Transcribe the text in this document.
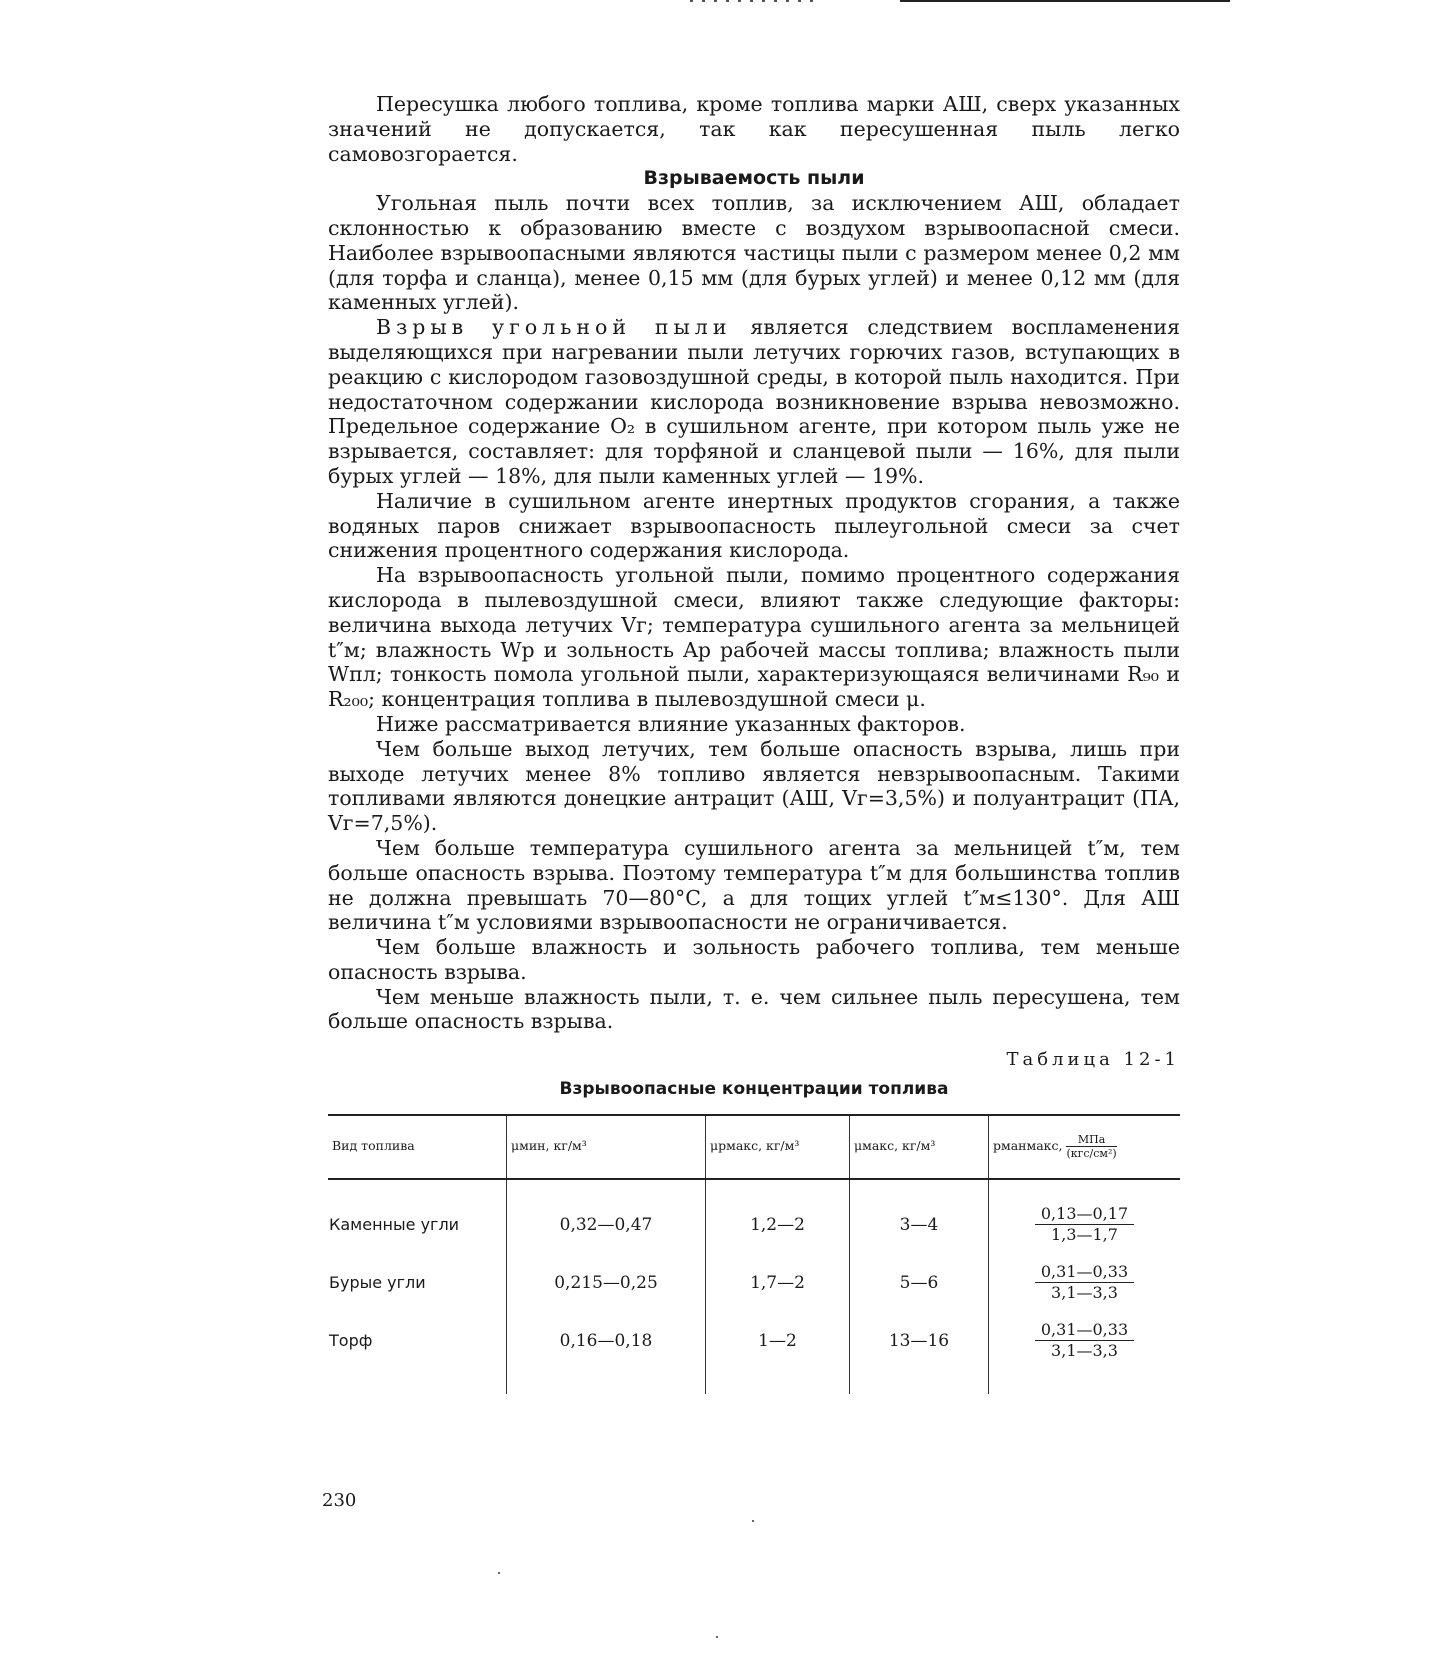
Пересушка любого топлива, кроме топлива марки АШ, сверх указанных значений не допускается, так как пересушенная пыль легко самовозгорается.

Взрываемость пыли

Угольная пыль почти всех топлив, за исключением АШ, обладает склонностью к образованию вместе с воздухом взрывоопасной смеси. Наиболее взрывоопасными являются частицы пыли с размером менее 0,2 мм (для торфа и сланца), менее 0,15 мм (для бурых углей) и менее 0,12 мм (для каменных углей).

Взрыв угольной пыли является следствием воспламенения выделяющихся при нагревании пыли летучих горючих газов, вступающих в реакцию с кислородом газовоздушной среды, в которой пыль находится. При недостаточном содержании кислорода возникновение взрыва невозможно. Предельное содержание O₂ в сушильном агенте, при котором пыль уже не взрывается, составляет: для торфяной и сланцевой пыли — 16%, для пыли бурых углей — 18%, для пыли каменных углей — 19%.

Наличие в сушильном агенте инертных продуктов сгорания, а также водяных паров снижает взрывоопасность пылеугольной смеси за счет снижения процентного содержания кислорода.

На взрывоопасность угольной пыли, помимо процентного содержания кислорода в пылевоздушной смеси, влияют также следующие факторы: величина выхода летучих Vг; температура сушильного агента за мельницей t″м; влажность Wр и зольность Aр рабочей массы топлива; влажность пыли Wпл; тонкость помола угольной пыли, характеризующаяся величинами R₉₀ и R₂₀₀; концентрация топлива в пылевоздушной смеси μ.

Ниже рассматривается влияние указанных факторов.

Чем больше выход летучих, тем больше опасность взрыва, лишь при выходе летучих менее 8% топливо является невзрывоопасным. Такими топливами являются донецкие антрацит (АШ, Vг=3,5%) и полуантрацит (ПА, Vг=7,5%).

Чем больше температура сушильного агента за мельницей t″м, тем больше опасность взрыва. Поэтому температура t″м для большинства топлив не должна превышать 70—80°С, а для тощих углей t″м≤130°. Для АШ величина t″м условиями взрывоопасности не ограничивается.

Чем больше влажность и зольность рабочего топлива, тем меньше опасность взрыва.

Чем меньше влажность пыли, т. е. чем сильнее пыль пересушена, тем больше опасность взрыва.

Таблица 12-1
Взрывоопасные концентрации топлива
Вид топлива	μмин, кг/м³	μpмакс, кг/м³	μмакс, кг/м³	pманмакс, $\frac{\text{МПа}}{\text{(кгс/см²)}}$
Каменные угли	0,32—0,47	1,2—2	3—4	$\frac{0,13—0,17}{1,3—1,7}$

Бурые угли	0,215—0,25	1,7—2	5—6	$\frac{0,31—0,33}{3,1—3,3}$

Торф	0,16—0,18	1—2	13—16	$\frac{0,31—0,33}{3,1—3,3}$
230
